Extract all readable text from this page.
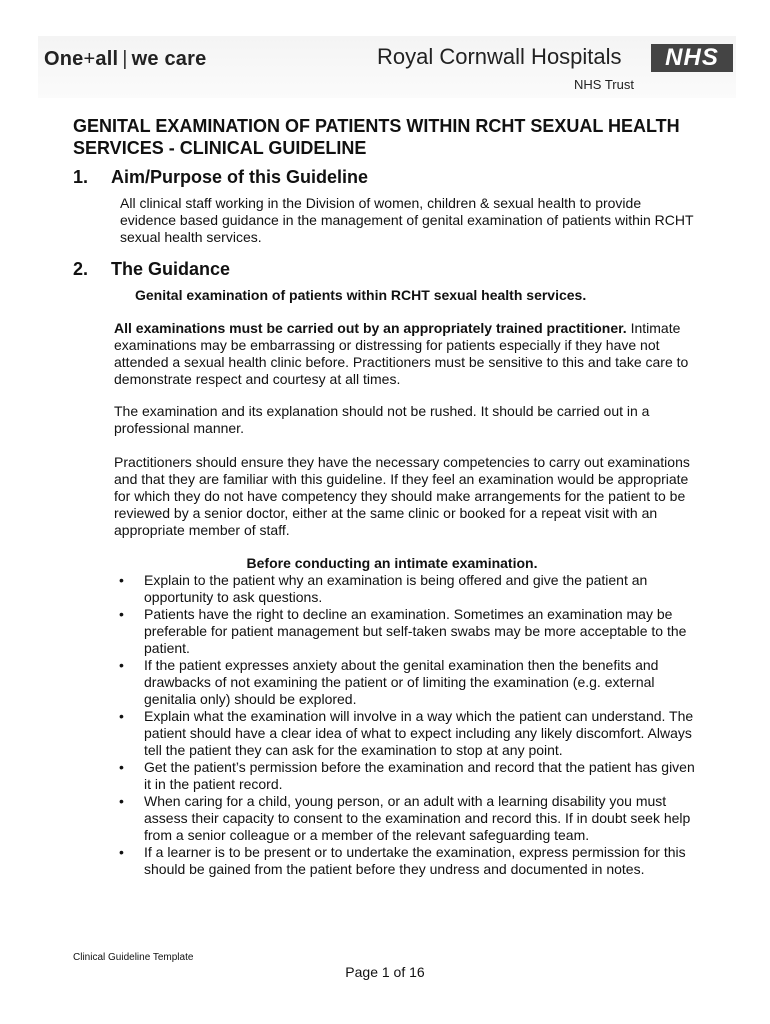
One+all | we care	Royal Cornwall Hospitals
NHS Trust
NHS
GENITAL EXAMINATION OF PATIENTS WITHIN RCHT SEXUAL HEALTH SERVICES - CLINICAL GUIDELINE
1. Aim/Purpose of this Guideline

All clinical staff working in the Division of women, children & sexual health to provide evidence based guidance in the management of genital examination of patients within RCHT sexual health services.

2. The Guidance

Genital examination of patients within RCHT sexual health services.

All examinations must be carried out by an appropriately trained practitioner. Intimate examinations may be embarrassing or distressing for patients especially if they have not attended a sexual health clinic before. Practitioners must be sensitive to this and take care to demonstrate respect and courtesy at all times.

The examination and its explanation should not be rushed. It should be carried out in a professional manner.

Practitioners should ensure they have the necessary competencies to carry out examinations and that they are familiar with this guideline. If they feel an examination would be appropriate for which they do not have competency they should make arrangements for the patient to be reviewed by a senior doctor, either at the same clinic or booked for a repeat visit with an appropriate member of staff.

Before conducting an intimate examination.

• Explain to the patient why an examination is being offered and give the patient an opportunity to ask questions.
• Patients have the right to decline an examination. Sometimes an examination may be preferable for patient management but self-taken swabs may be more acceptable to the patient.
• If the patient expresses anxiety about the genital examination then the benefits and drawbacks of not examining the patient or of limiting the examination (e.g. external genitalia only) should be explored.
• Explain what the examination will involve in a way which the patient can understand. The patient should have a clear idea of what to expect including any likely discomfort. Always tell the patient they can ask for the examination to stop at any point.
• Get the patient’s permission before the examination and record that the patient has given it in the patient record.
• When caring for a child, young person, or an adult with a learning disability you must assess their capacity to consent to the examination and record this. If in doubt seek help from a senior colleague or a member of the relevant safeguarding team.
• If a learner is to be present or to undertake the examination, express permission for this should be gained from the patient before they undress and documented in notes.
Clinical Guideline Template
Page 1 of 16
